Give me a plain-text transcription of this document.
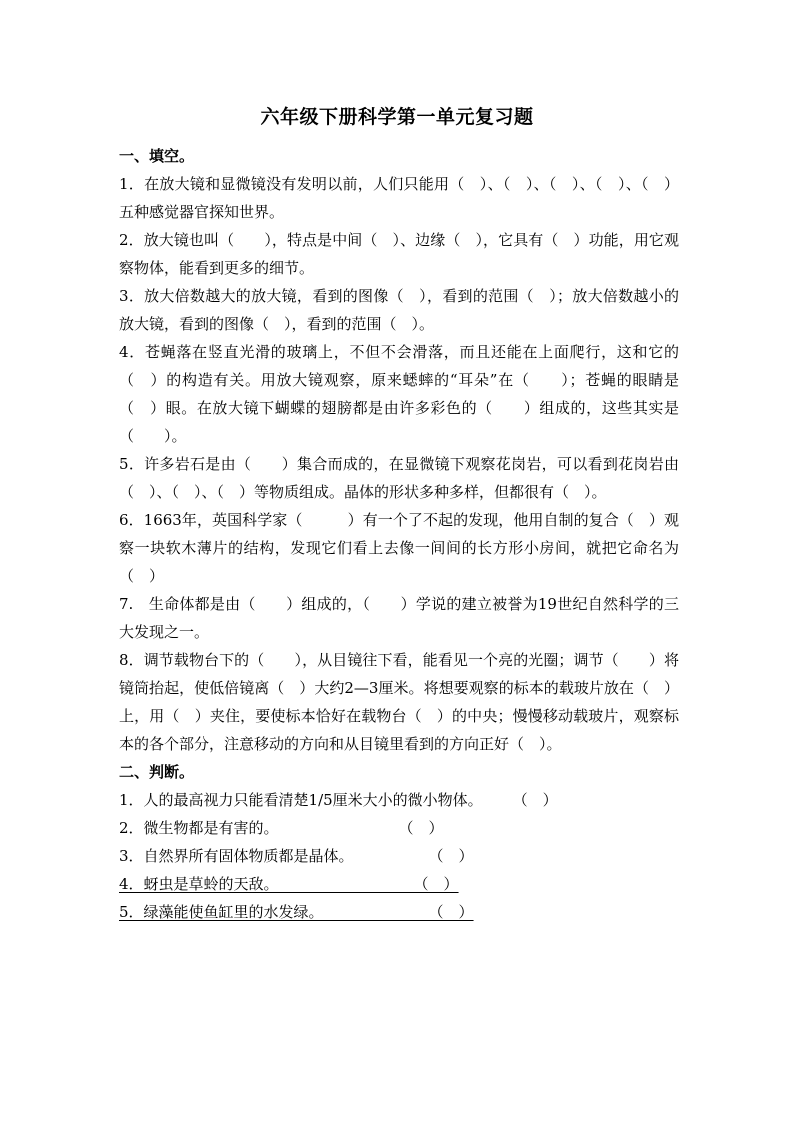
六年级下册科学第一单元复习题

一、填空。

1．在放大镜和显微镜没有发明以前，人们只能用（　）、（　）、（　）、（　）、（　）五种感觉器官探知世界。

2．放大镜也叫（　　），特点是中间（　）、边缘（　），它具有（　）功能，用它观察物体，能看到更多的细节。

3．放大倍数越大的放大镜，看到的图像（　），看到的范围（　）；放大倍数越小的放大镜，看到的图像（　），看到的范围（　）。

4．苍蝇落在竖直光滑的玻璃上，不但不会滑落，而且还能在上面爬行，这和它的（　）的构造有关。用放大镜观察，原来蟋蟀的“耳朵”在（　　）；苍蝇的眼睛是（　）眼。在放大镜下蝴蝶的翅膀都是由许多彩色的（　　）组成的，这些其实是（　　）。

5．许多岩石是由（　　）集合而成的，在显微镜下观察花岗岩，可以看到花岗岩由（　）、（　）、（　）等物质组成。晶体的形状多种多样，但都很有（　）。

6．1663年，英国科学家（　　　）有一个了不起的发现，他用自制的复合（　）观察一块软木薄片的结构，发现它们看上去像一间间的长方形小房间，就把它命名为（　）

7.　生命体都是由（　　）组成的，（　　）学说的建立被誉为19世纪自然科学的三大发现之一。

8．调节载物台下的（　　），从目镜往下看，能看见一个亮的光圈；调节（　　）将镜筒抬起，使低倍镜离（　）大约2—3厘米。将想要观察的标本的载玻片放在（　）上，用（　）夹住，要使标本恰好在载物台（　）的中央；慢慢移动载玻片，观察标本的各个部分，注意移动的方向和从目镜里看到的方向正好（　）。

二、判断。

1．人的最高视力只能看清楚1/5厘米大小的微小物体。　　　（　）

2．微生物都是有害的。　　　　　　　　　（　）

3．自然界所有固体物质都是晶体。　　　　　　（　）

4．蚜虫是草蛉的天敌。　　　　　　　　　　（　）

5．绿藻能使鱼缸里的水发绿。　　　　　　　　（　）
